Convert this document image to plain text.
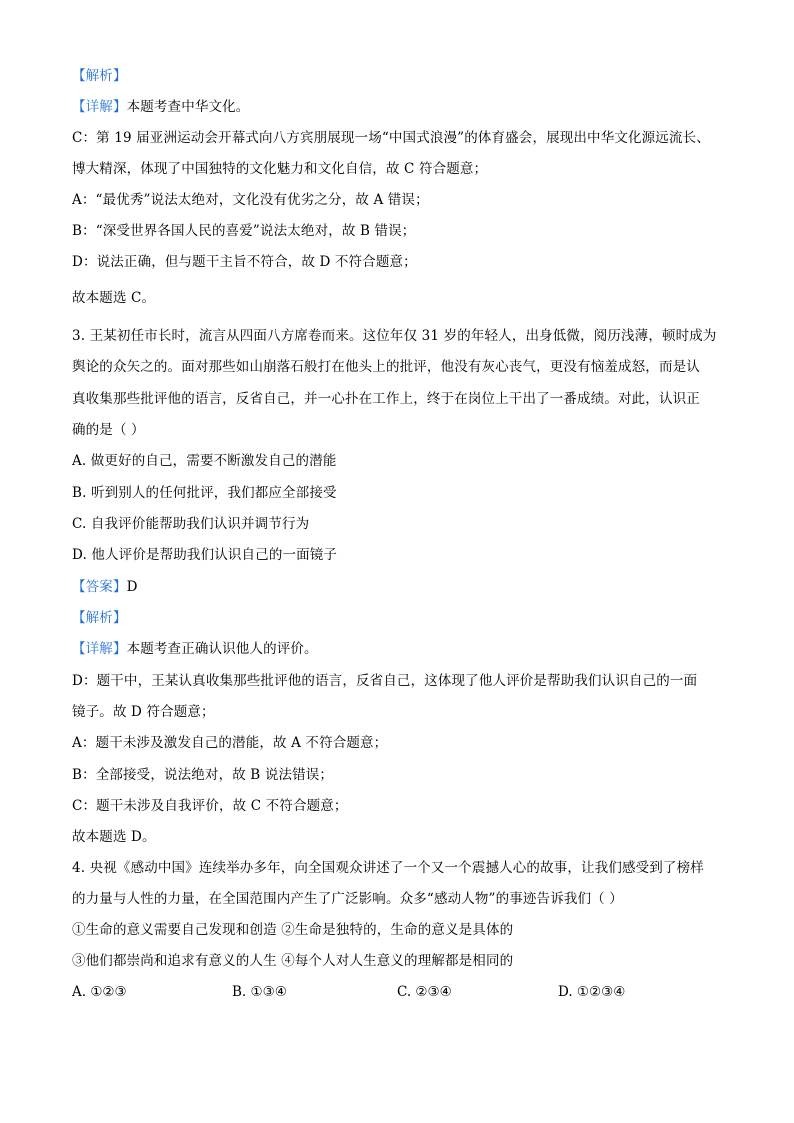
【解析】
【详解】本题考查中华文化。
C：第 19 届亚洲运动会开幕式向八方宾朋展现一场“中国式浪漫”的体育盛会，展现出中华文化源远流长、
博大精深，体现了中国独特的文化魅力和文化自信，故 C 符合题意；
A：“最优秀”说法太绝对，文化没有优劣之分，故 A 错误；
B：“深受世界各国人民的喜爱”说法太绝对，故 B 错误；
D：说法正确，但与题干主旨不符合，故 D 不符合题意；
故本题选 C。
3. 王某初任市长时，流言从四面八方席卷而来。这位年仅 31 岁的年轻人，出身低微，阅历浅薄，顿时成为
舆论的众矢之的。面对那些如山崩落石般打在他头上的批评，他没有灰心丧气，更没有恼羞成怒，而是认
真收集那些批评他的语言，反省自己，并一心扑在工作上，终于在岗位上干出了一番成绩。对此，认识正
确的是（ ）
A. 做更好的自己，需要不断激发自己的潜能
B. 听到别人的任何批评，我们都应全部接受
C. 自我评价能帮助我们认识并调节行为
D. 他人评价是帮助我们认识自己的一面镜子
【答案】D
【解析】
【详解】本题考查正确认识他人的评价。
D：题干中，王某认真收集那些批评他的语言，反省自己，这体现了他人评价是帮助我们认识自己的一面
镜子。故 D 符合题意；
A：题干未涉及激发自己的潜能，故 A 不符合题意；
B：全部接受，说法绝对，故 B 说法错误；
C：题干未涉及自我评价，故 C 不符合题意；
故本题选 D。
4. 央视《感动中国》连续举办多年，向全国观众讲述了一个又一个震撼人心的故事，让我们感受到了榜样
的力量与人性的力量，在全国范围内产生了广泛影响。众多“感动人物”的事迹告诉我们（ ）
①生命的意义需要自己发现和创造 ②生命是独特的，生命的意义是具体的
③他们都崇尚和追求有意义的人生 ④每个人对人生意义的理解都是相同的
A. ①②③	B. ①③④	C. ②③④	D. ①②③④
